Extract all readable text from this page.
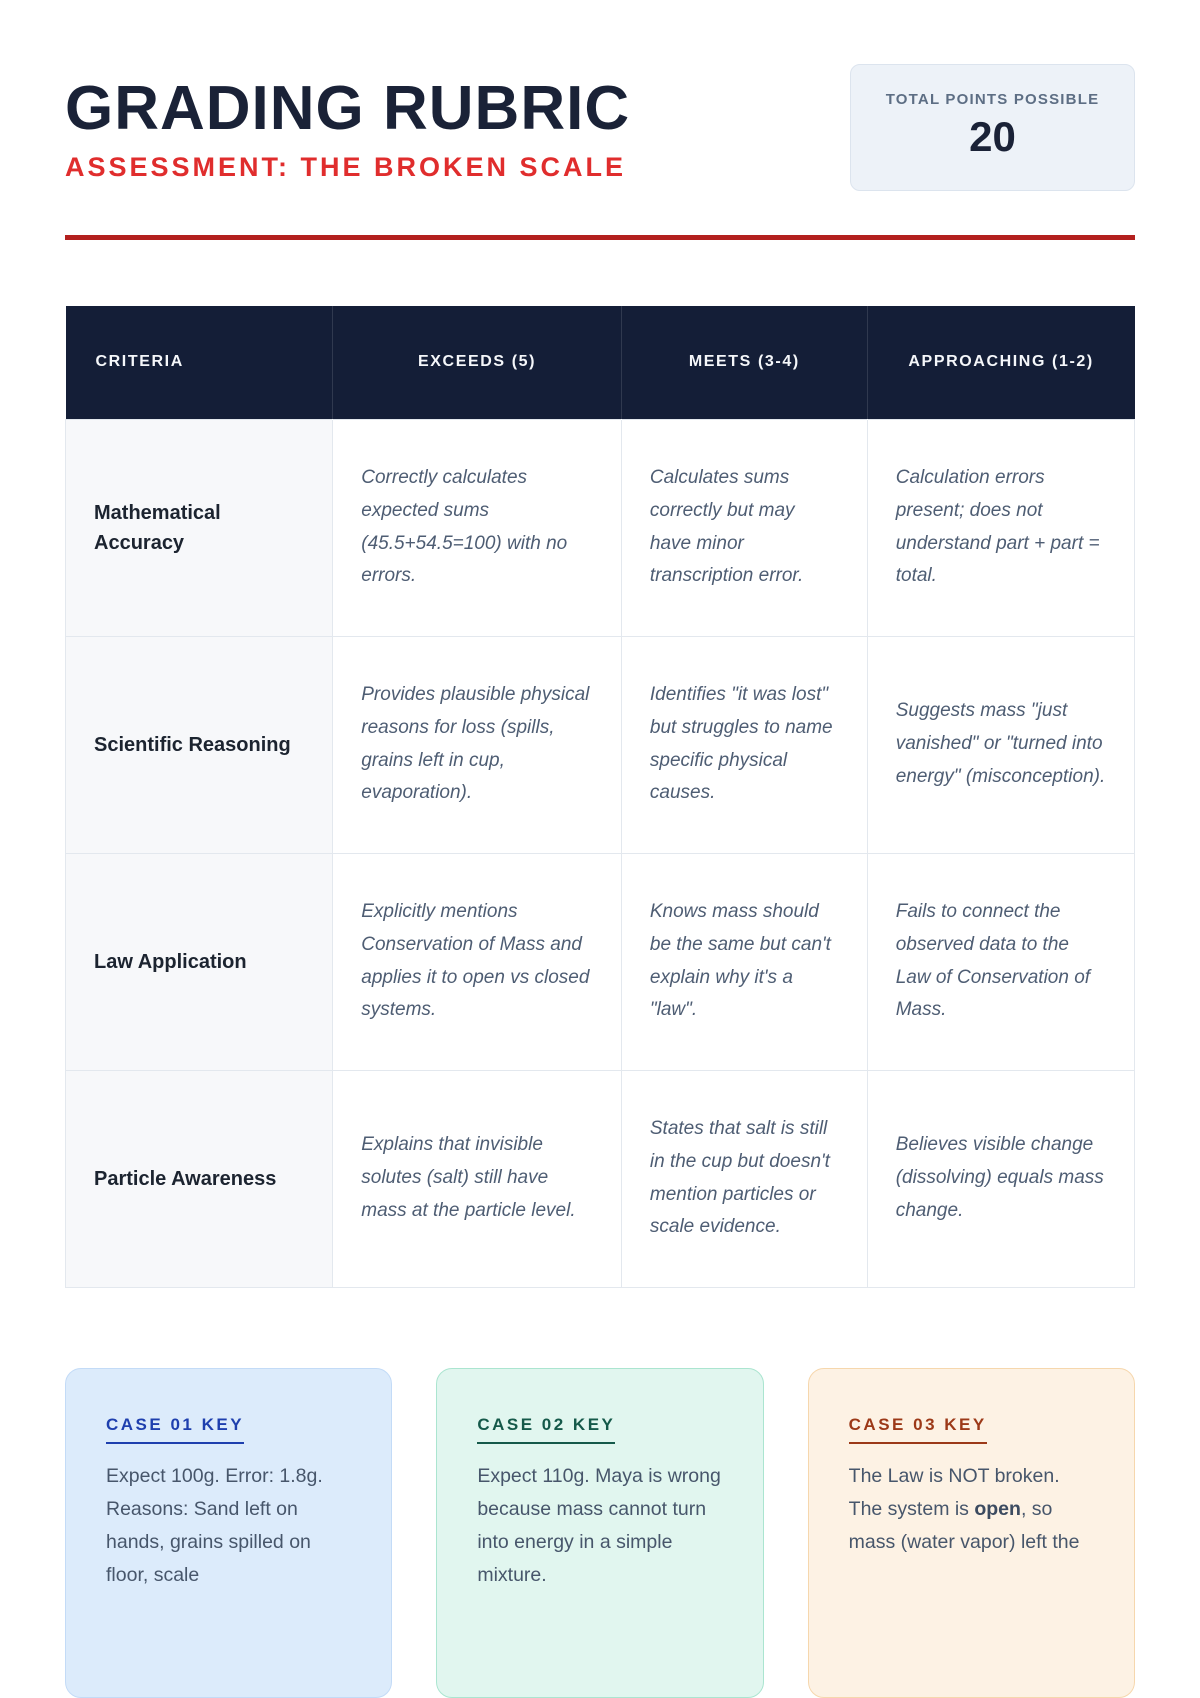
GRADING RUBRIC
ASSESSMENT: THE BROKEN SCALE
TOTAL POINTS POSSIBLE
20
CRITERIA	EXCEEDS (5)	MEETS (3-4)	APPROACHING (1-2)
Mathematical Accuracy	Correctly calculates expected sums (45.5+54.5=100) with no errors.	Calculates sums correctly but may have minor transcription error.	Calculation errors present; does not understand part + part = total.
Scientific Reasoning	Provides plausible physical reasons for loss (spills, grains left in cup, evaporation).	Identifies "it was lost" but struggles to name specific physical causes.	Suggests mass "just vanished" or "turned into energy" (misconception).
Law Application	Explicitly mentions Conservation of Mass and applies it to open vs closed systems.	Knows mass should be the same but can't explain why it's a "law".	Fails to connect the observed data to the Law of Conservation of Mass.
Particle Awareness	Explains that invisible solutes (salt) still have mass at the particle level.	States that salt is still in the cup but doesn't mention particles or scale evidence.	Believes visible change (dissolving) equals mass change.
CASE 01 KEY
Expect 100g. Error: 1.8g. Reasons: Sand left on hands, grains spilled on floor, scale
CASE 02 KEY
Expect 110g. Maya is wrong because mass cannot turn into energy in a simple mixture.
CASE 03 KEY
The Law is NOT broken. The system is open, so mass (water vapor) left the
